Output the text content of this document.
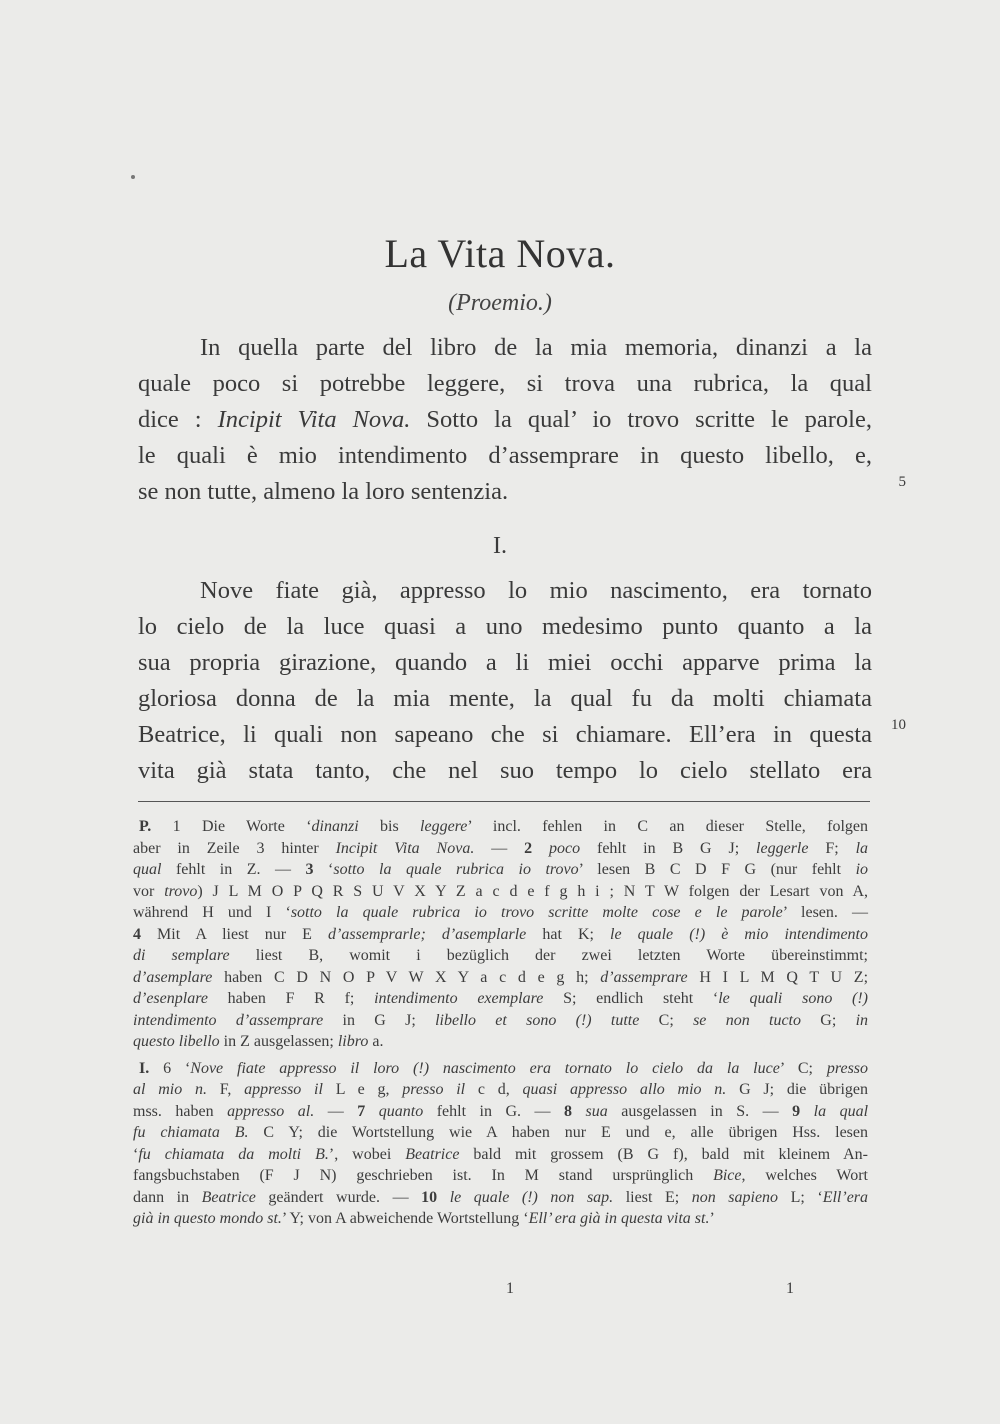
La Vita Nova.
(Proemio.)
5
In quella parte del libro de la mia memoria, dinanzi a la
quale poco si potrebbe leggere, si trova una rubrica, la qual
dice : Incipit Vita Nova. Sotto la qual’ io trovo scritte le parole,
le quali è mio intendimento d’assemprare in questo libello, e,
se non tutte, almeno la loro sentenzia.
I.
10
Nove fiate già, appresso lo mio nascimento, era tornato
lo cielo de la luce quasi a uno medesimo punto quanto a la
sua propria girazione, quando a li miei occhi apparve prima la
gloriosa donna de la mia mente, la qual fu da molti chiamata
Beatrice, li quali non sapeano che si chiamare. Ell’era in questa
vita già stata tanto, che nel suo tempo lo cielo stellato era
P. 1 Die Worte ‘dinanzi bis leggere’ incl. fehlen in C an dieser Stelle, folgen
aber in Zeile 3 hinter Incipit Vita Nova. — 2 poco fehlt in B G J; leggerle F; la
qual fehlt in Z. — 3 ‘sotto la quale rubrica io trovo’ lesen B C D F G (nur fehlt io
vor trovo) J L M O P Q R S U V X Y Z a c d e f g h i ; N T W folgen der Lesart von A,
während H und I ‘sotto la quale rubrica io trovo scritte molte cose e le parole’ lesen. —
4 Mit A liest nur E d’assemprarle; d’asemplarle hat K; le quale (!) è mio intendimento
di semplare liest B, womit i bezüglich der zwei letzten Worte übereinstimmt;
d’asemplare haben C D N O P V W X Y a c d e g h; d’assemprare H I L M Q T U Z;
d’esenplare haben F R f; intendimento exemplare S; endlich steht ‘le quali sono (!)
intendimento d’assemprare in G J; libello et sono (!) tutte C; se non tucto G; in
questo libello in Z ausgelassen; libro a.
I. 6 ‘Nove fiate appresso il loro (!) nascimento era tornato lo cielo da la luce’ C; presso
al mio n. F, appresso il L e g, presso il c d, quasi appresso allo mio n. G J; die übrigen
mss. haben appresso al. — 7 quanto fehlt in G. — 8 sua ausgelassen in S. — 9 la qual
fu chiamata B. C Y; die Wortstellung wie A haben nur E und e, alle übrigen Hss. lesen
‘fu chiamata da molti B.’, wobei Beatrice bald mit grossem (B G f), bald mit kleinem An-
fangsbuchstaben (F J N) geschrieben ist. In M stand ursprünglich Bice, welches Wort
dann in Beatrice geändert wurde. — 10 le quale (!) non sap. liest E; non sapieno L; ‘Ell’era
già in questo mondo st.’ Y; von A abweichende Wortstellung ‘Ell’ era già in questa vita st.’
1	1
